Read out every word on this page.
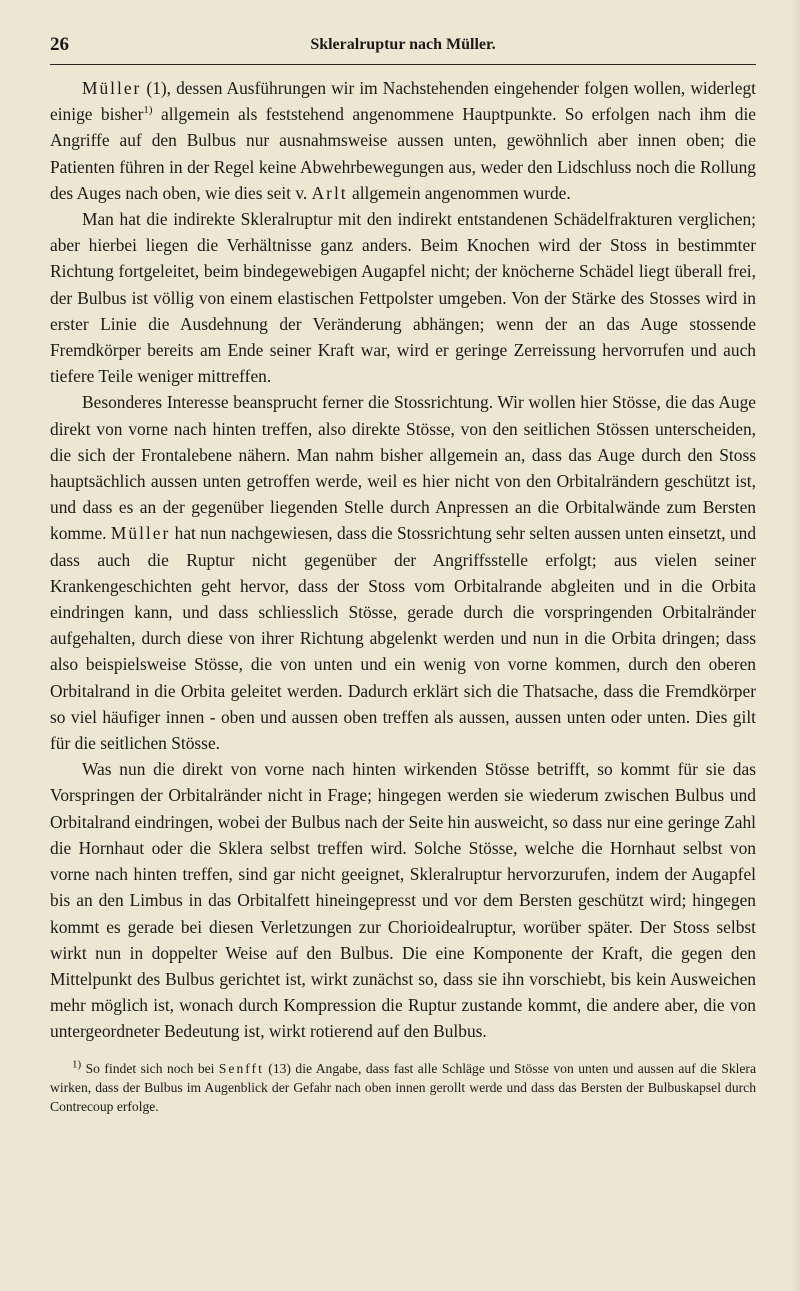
26	Skleralruptur nach Müller.

Müller (1), dessen Ausführungen wir im Nachstehenden eingehender folgen wollen, widerlegt einige bisher$^{1)}$ allgemein als feststehend angenommene Hauptpunkte. So erfolgen nach ihm die Angriffe auf den Bulbus nur ausnahmsweise aussen unten, gewöhnlich aber innen oben; die Patienten führen in der Regel keine Abwehrbewegungen aus, weder den Lidschluss noch die Rollung des Auges nach oben, wie dies seit v. Arlt allgemein angenommen wurde.

Man hat die indirekte Skleralruptur mit den indirekt entstandenen Schädelfrakturen verglichen; aber hierbei liegen die Verhältnisse ganz anders. Beim Knochen wird der Stoss in bestimmter Richtung fortgeleitet, beim bindegewebigen Augapfel nicht; der knöcherne Schädel liegt überall frei, der Bulbus ist völlig von einem elastischen Fettpolster umgeben. Von der Stärke des Stosses wird in erster Linie die Ausdehnung der Veränderung abhängen; wenn der an das Auge stossende Fremdkörper bereits am Ende seiner Kraft war, wird er geringe Zerreissung hervorrufen und auch tiefere Teile weniger mittreffen.

Besonderes Interesse beansprucht ferner die Stossrichtung. Wir wollen hier Stösse, die das Auge direkt von vorne nach hinten treffen, also direkte Stösse, von den seitlichen Stössen unterscheiden, die sich der Frontalebene nähern. Man nahm bisher allgemein an, dass das Auge durch den Stoss hauptsächlich aussen unten getroffen werde, weil es hier nicht von den Orbitalrändern geschützt ist, und dass es an der gegenüber liegenden Stelle durch Anpressen an die Orbitalwände zum Bersten komme. Müller hat nun nachgewiesen, dass die Stossrichtung sehr selten aussen unten einsetzt, und dass auch die Ruptur nicht gegenüber der Angriffsstelle erfolgt; aus vielen seiner Krankengeschichten geht hervor, dass der Stoss vom Orbitalrande abgleiten und in die Orbita eindringen kann, und dass schliesslich Stösse, gerade durch die vorspringenden Orbitalränder aufgehalten, durch diese von ihrer Richtung abgelenkt werden und nun in die Orbita dringen; dass also beispielsweise Stösse, die von unten und ein wenig von vorne kommen, durch den oberen Orbitalrand in die Orbita geleitet werden. Dadurch erklärt sich die Thatsache, dass die Fremdkörper so viel häufiger innen - oben und aussen oben treffen als aussen, aussen unten oder unten. Dies gilt für die seitlichen Stösse.

Was nun die direkt von vorne nach hinten wirkenden Stösse betrifft, so kommt für sie das Vorspringen der Orbitalränder nicht in Frage; hingegen werden sie wiederum zwischen Bulbus und Orbitalrand eindringen, wobei der Bulbus nach der Seite hin ausweicht, so dass nur eine geringe Zahl die Hornhaut oder die Sklera selbst treffen wird. Solche Stösse, welche die Hornhaut selbst von vorne nach hinten treffen, sind gar nicht geeignet, Skleralruptur hervorzurufen, indem der Augapfel bis an den Limbus in das Orbitalfett hineingepresst und vor dem Bersten geschützt wird; hingegen kommt es gerade bei diesen Verletzungen zur Chorioidealruptur, worüber später. Der Stoss selbst wirkt nun in doppelter Weise auf den Bulbus. Die eine Komponente der Kraft, die gegen den Mittelpunkt des Bulbus gerichtet ist, wirkt zunächst so, dass sie ihn vorschiebt, bis kein Ausweichen mehr möglich ist, wonach durch Kompression die Ruptur zustande kommt, die andere aber, die von untergeordneter Bedeutung ist, wirkt rotierend auf den Bulbus.

$^{1)}$ So findet sich noch bei Senfft (13) die Angabe, dass fast alle Schläge und Stösse von unten und aussen auf die Sklera wirken, dass der Bulbus im Augenblick der Gefahr nach oben innen gerollt werde und dass das Bersten der Bulbuskapsel durch Contrecoup erfolge.
